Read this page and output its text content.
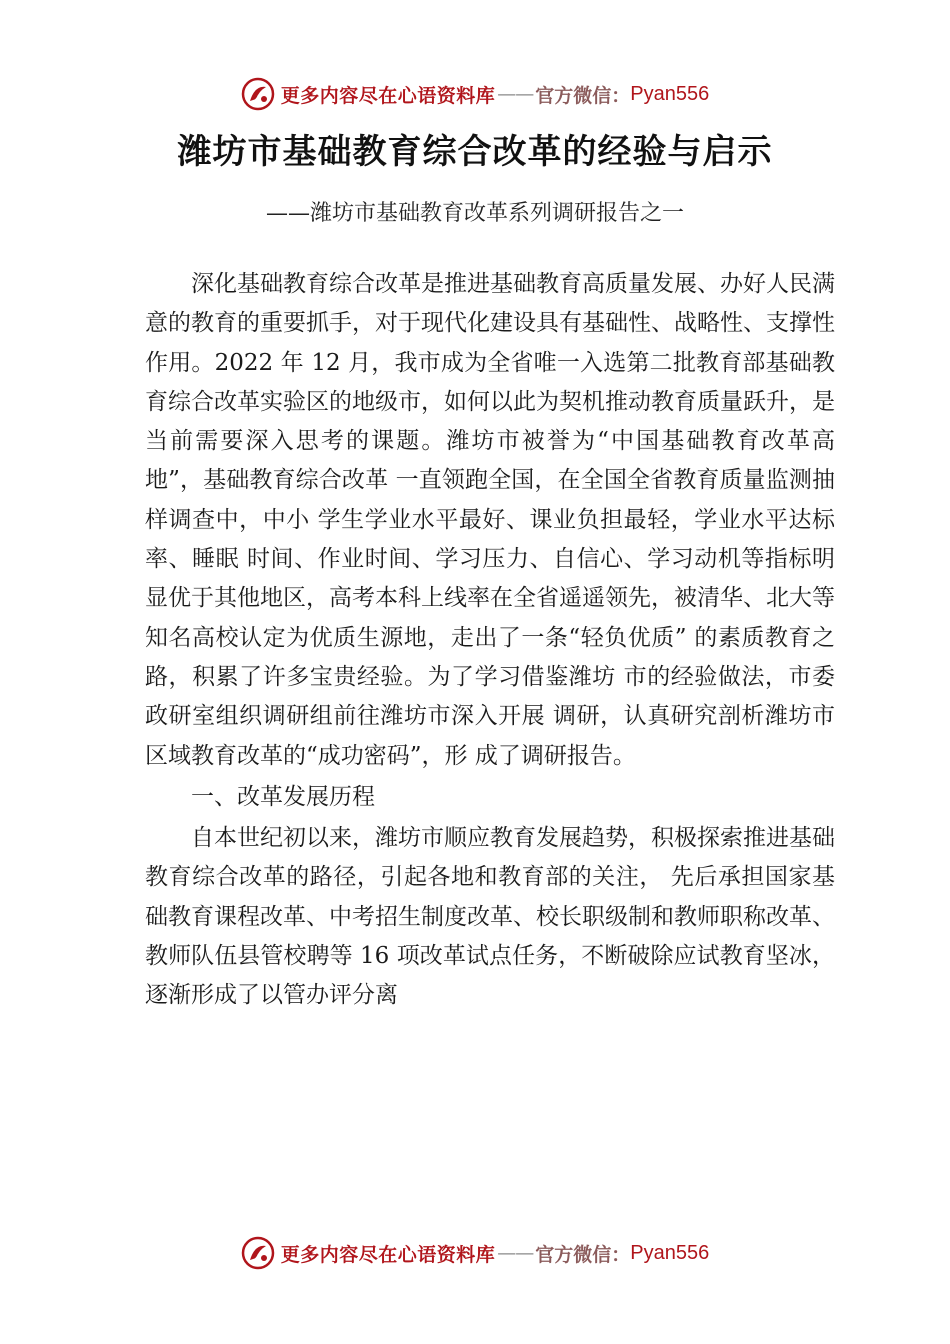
更多内容尽在心语资料库 —— 官方微信： Pyan556
潍坊市基础教育综合改革的经验与启示
——潍坊市基础教育改革系列调研报告之一

深化基础教育综合改革是推进基础教育高质量发展、办好人民满意的教育的重要抓手，对于现代化建设具有基础性、战略性、支撑性作用。2022 年 12 月，我市成为全省唯一入选第二批教育部基础教育综合改革实验区的地级市，如何以此为契机推动教育质量跃升，是当前需要深入思考的课题。潍坊市被誉为“中国基础教育改革高地”，基础教育综合改革 一直领跑全国，在全国全省教育质量监测抽样调查中，中小 学生学业水平最好、课业负担最轻，学业水平达标率、睡眠 时间、作业时间、学习压力、自信心、学习动机等指标明显优于其他地区，高考本科上线率在全省遥遥领先，被清华、北大等知名高校认定为优质生源地，走出了一条“轻负优质” 的素质教育之路，积累了许多宝贵经验。为了学习借鉴潍坊 市的经验做法，市委政研室组织调研组前往潍坊市深入开展 调研，认真研究剖析潍坊市区域教育改革的“成功密码”，形 成了调研报告。

一、改革发展历程

自本世纪初以来，潍坊市顺应教育发展趋势，积极探索推进基础教育综合改革的路径，引起各地和教育部的关注， 先后承担国家基础教育课程改革、中考招生制度改革、校长职级制和教师职称改革、教师队伍县管校聘等 16 项改革试点任务，不断破除应试教育坚冰，逐渐形成了以管办评分离

更多内容尽在心语资料库 —— 官方微信： Pyan556
